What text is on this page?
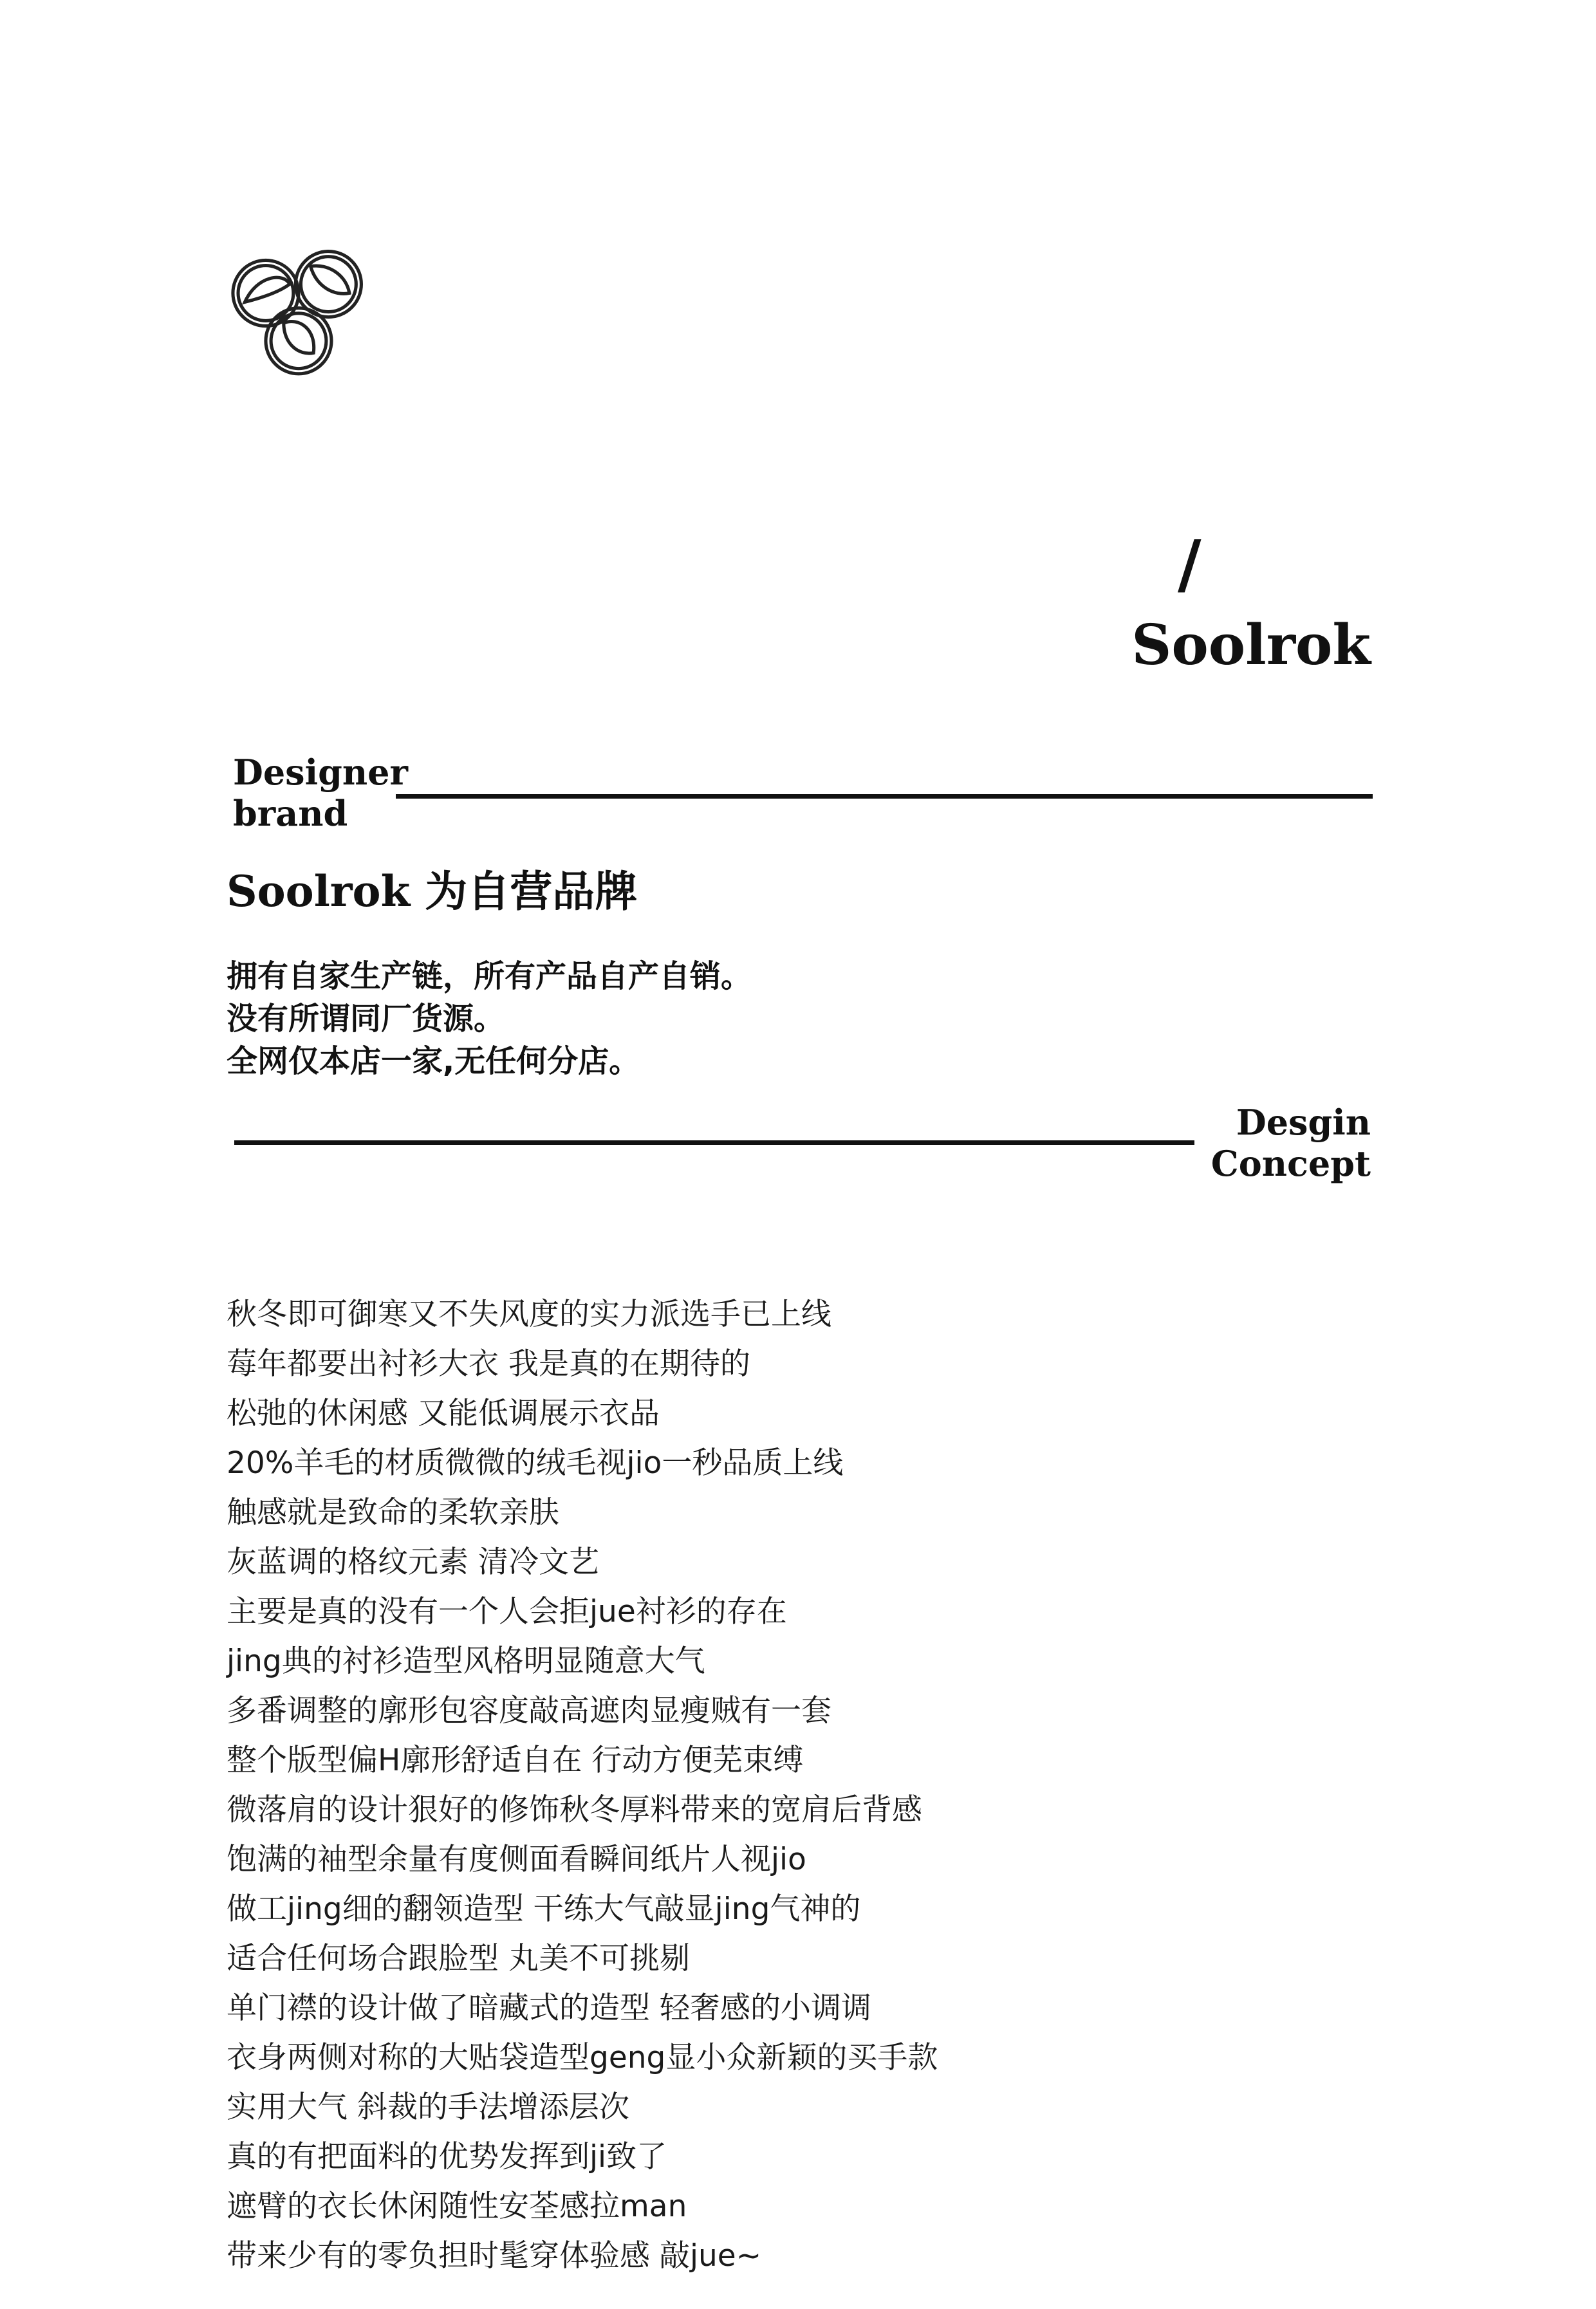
/
Soolrok
Designer
brand
Soolrok 为自营品牌
拥有自家生产链，所有产品自产自销。
没有所谓同厂货源。
全网仅本店一家,无任何分店。
Desgin
Concept
秋冬即可御寒又不失风度的实力派选手已上线
莓年都要出衬衫大衣 我是真的在期待的
松弛的休闲感 又能低调展示衣品
20%羊毛的材质微微的绒毛视jio一秒品质上线
触感就是致命的柔软亲肤
灰蓝调的格纹元素 清冷文艺
主要是真的没有一个人会拒jue衬衫的存在
jing典的衬衫造型风格明显随意大气
多番调整的廓形包容度敲高遮肉显瘦贼有一套
整个版型偏H廓形舒适自在 行动方便芜束缚
微落肩的设计狠好的修饰秋冬厚料带来的宽肩后背感
饱满的袖型余量有度侧面看瞬间纸片人视jio
做工jing细的翻领造型 干练大气敲显jing气神的
适合任何场合跟脸型 丸美不可挑剔
单门襟的设计做了暗藏式的造型 轻奢感的小调调
衣身两侧对称的大贴袋造型geng显小众新颖的买手款
实用大气 斜裁的手法增添层次
真的有把面料的优势发挥到ji致了
遮臂的衣长休闲随性安荃感拉man
带来少有的零负担时髦穿体验感 敲jue~
